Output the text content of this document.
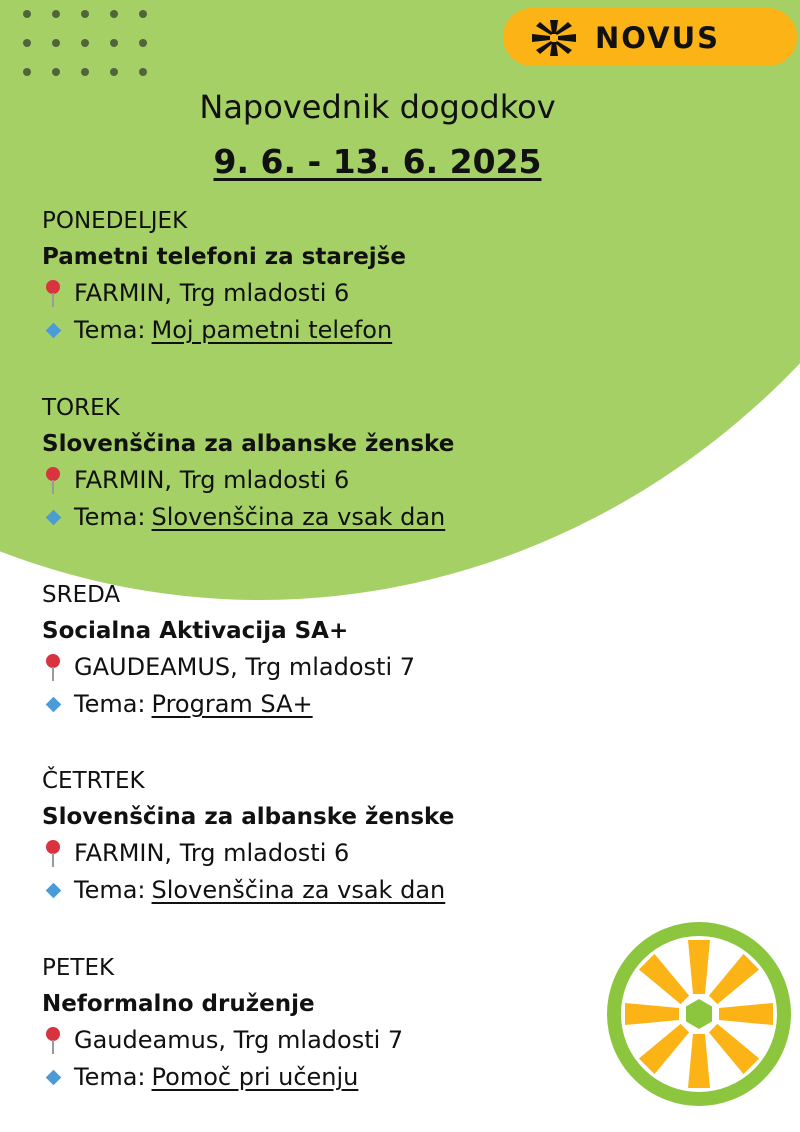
NOVUS
Napovednik dogodkov
9. 6. - 13. 6. 2025
PONEDELJEK
Pametni telefoni za starejše
FARMIN, Trg mladosti 6
Tema: Moj pametni telefon
TOREK
Slovenščina za albanske ženske
FARMIN, Trg mladosti 6
Tema: Slovenščina za vsak dan
SREDA
Socialna Aktivacija SA+
GAUDEAMUS, Trg mladosti 7
Tema: Program SA+
ČETRTEK
Slovenščina za albanske ženske
FARMIN, Trg mladosti 6
Tema: Slovenščina za vsak dan
PETEK
Neformalno druženje
Gaudeamus, Trg mladosti 7
Tema: Pomoč pri učenju
